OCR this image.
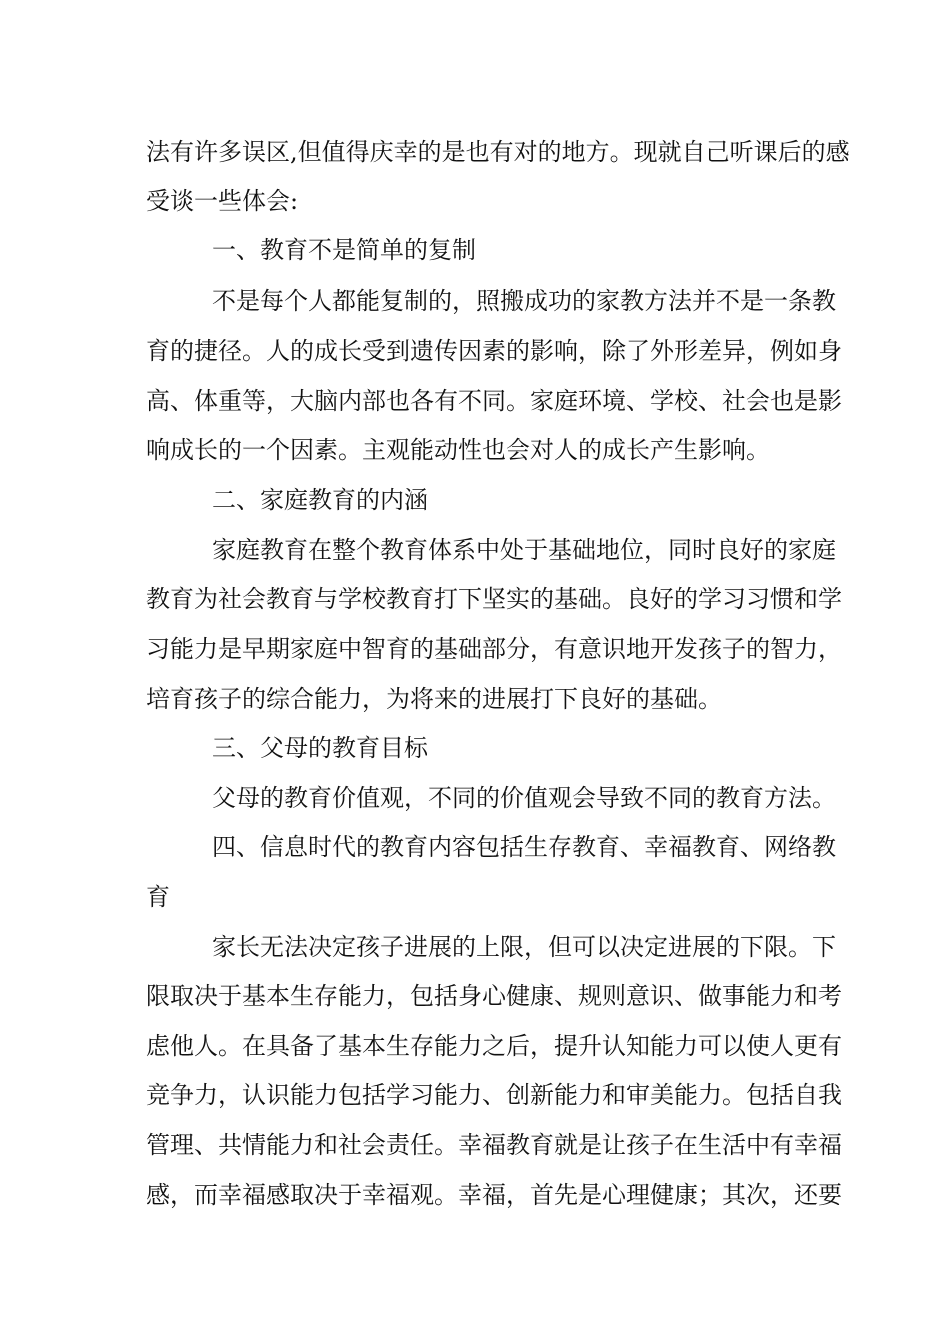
法有许多误区,但值得庆幸的是也有对的地方。现就自己听课后的感
受谈一些体会:
一、教育不是简单的复制
不是每个人都能复制的，照搬成功的家教方法并不是一条教
育的捷径。人的成长受到遗传因素的影响，除了外形差异，例如身
高、体重等，大脑内部也各有不同。家庭环境、学校、社会也是影
响成长的一个因素。主观能动性也会对人的成长产生影响。
二、家庭教育的内涵
家庭教育在整个教育体系中处于基础地位，同时良好的家庭
教育为社会教育与学校教育打下坚实的基础。良好的学习习惯和学
习能力是早期家庭中智育的基础部分，有意识地开发孩子的智力，
培育孩子的综合能力，为将来的进展打下良好的基础。
三、父母的教育目标
父母的教育价值观，不同的价值观会导致不同的教育方法。
四、信息时代的教育内容包括生存教育、幸福教育、网络教
育
家长无法决定孩子进展的上限，但可以决定进展的下限。下
限取决于基本生存能力，包括身心健康、规则意识、做事能力和考
虑他人。在具备了基本生存能力之后，提升认知能力可以使人更有
竞争力，认识能力包括学习能力、创新能力和审美能力。包括自我
管理、共情能力和社会责任。幸福教育就是让孩子在生活中有幸福
感，而幸福感取决于幸福观。幸福，首先是心理健康；其次，还要
